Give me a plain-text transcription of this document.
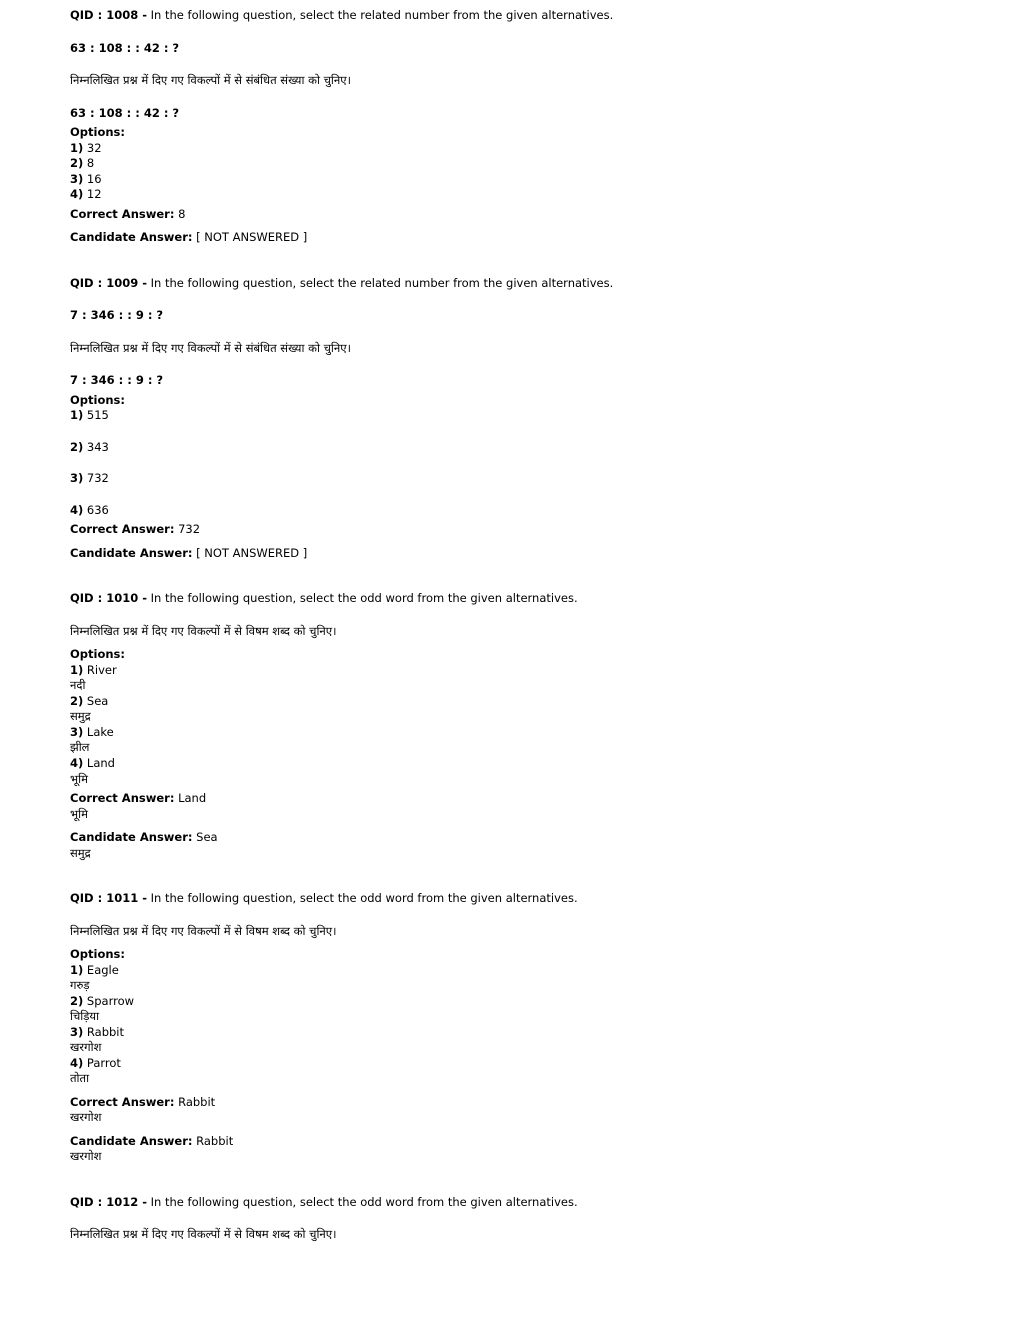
QID : 1008 - In the following question, select the related number from the given alternatives.
63 : 108 : : 42 : ?
निम्नलिखित प्रश्न में दिए गए विकल्पों में से संबंधित संख्या को चुनिए।
63 : 108 : : 42 : ?
Options:
1) 32
2) 8
3) 16
4) 12
Correct Answer: 8
Candidate Answer: [ NOT ANSWERED ]
QID : 1009 - In the following question, select the related number from the given alternatives.
7 : 346 : : 9 : ?
निम्नलिखित प्रश्न में दिए गए विकल्पों में से संबंधित संख्या को चुनिए।
7 : 346 : : 9 : ?
Options:
1) 515
2) 343
3) 732
4) 636
Correct Answer: 732
Candidate Answer: [ NOT ANSWERED ]
QID : 1010 - In the following question, select the odd word from the given alternatives.
निम्नलिखित प्रश्न में दिए गए विकल्पों में से विषम शब्द को चुनिए।
Options:
1) River
नदी
2) Sea
समुद्र
3) Lake
झील
4) Land
भूमि
Correct Answer: Land
भूमि
Candidate Answer: Sea
समुद्र
QID : 1011 - In the following question, select the odd word from the given alternatives.
निम्नलिखित प्रश्न में दिए गए विकल्पों में से विषम शब्द को चुनिए।
Options:
1) Eagle
गरुड़
2) Sparrow
चिड़िया
3) Rabbit
खरगोश
4) Parrot
तोता
Correct Answer: Rabbit
खरगोश
Candidate Answer: Rabbit
खरगोश
QID : 1012 - In the following question, select the odd word from the given alternatives.
निम्नलिखित प्रश्न में दिए गए विकल्पों में से विषम शब्द को चुनिए।
